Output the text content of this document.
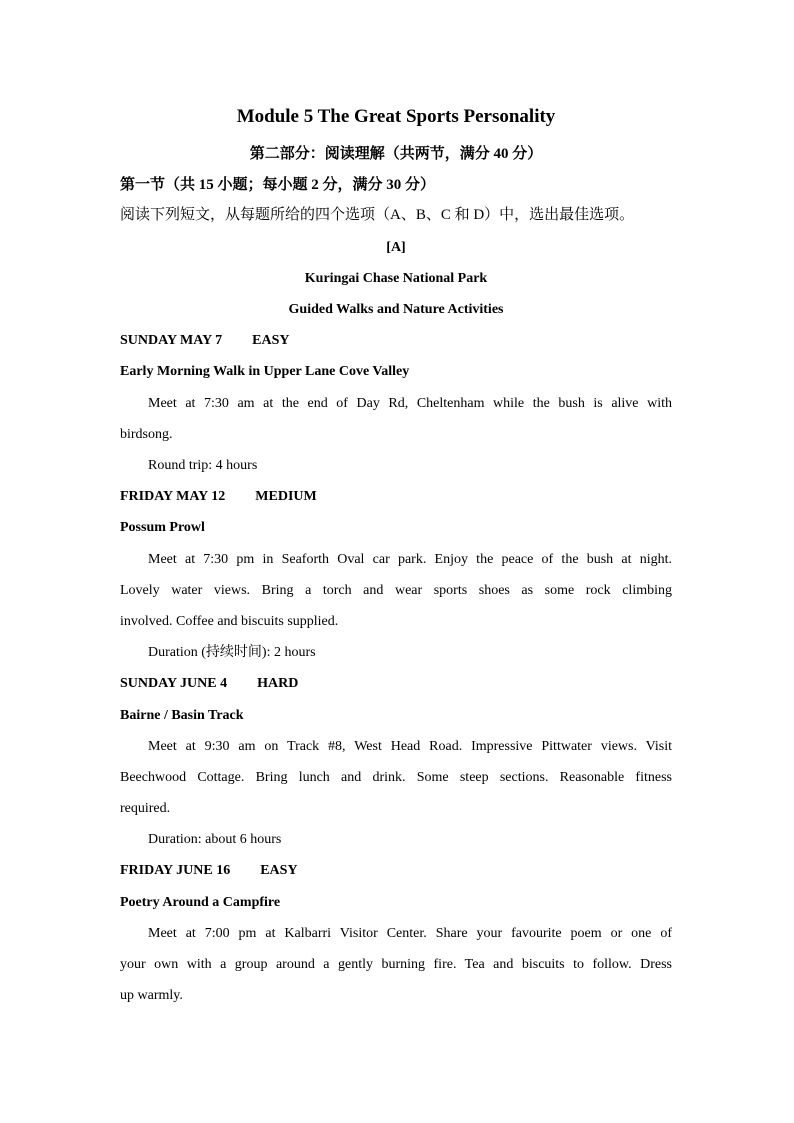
Module 5 The Great Sports Personality
第二部分：阅读理解（共两节，满分 40 分）
第一节（共 15 小题；每小题 2 分，满分 30 分）
阅读下列短文，从每题所给的四个选项（A、B、C 和 D）中，选出最佳选项。
[A]
Kuringai Chase National Park
Guided Walks and Nature Activities
SUNDAY MAY 7 EASY
Early Morning Walk in Upper Lane Cove Valley
Meet at 7:30 am at the end of Day Rd, Cheltenham while the bush is alive with
birdsong.
Round trip: 4 hours
FRIDAY MAY 12 MEDIUM
Possum Prowl
Meet at 7:30 pm in Seaforth Oval car park. Enjoy the peace of the bush at night.
Lovely water views. Bring a torch and wear sports shoes as some rock climbing
involved. Coffee and biscuits supplied.
Duration (持续时间): 2 hours
SUNDAY JUNE 4 HARD
Bairne / Basin Track
Meet at 9:30 am on Track #8, West Head Road. Impressive Pittwater views. Visit
Beechwood Cottage. Bring lunch and drink. Some steep sections. Reasonable fitness
required.
Duration: about 6 hours
FRIDAY JUNE 16 EASY
Poetry Around a Campfire
Meet at 7:00 pm at Kalbarri Visitor Center. Share your favourite poem or one of
your own with a group around a gently burning fire. Tea and biscuits to follow. Dress
up warmly.
